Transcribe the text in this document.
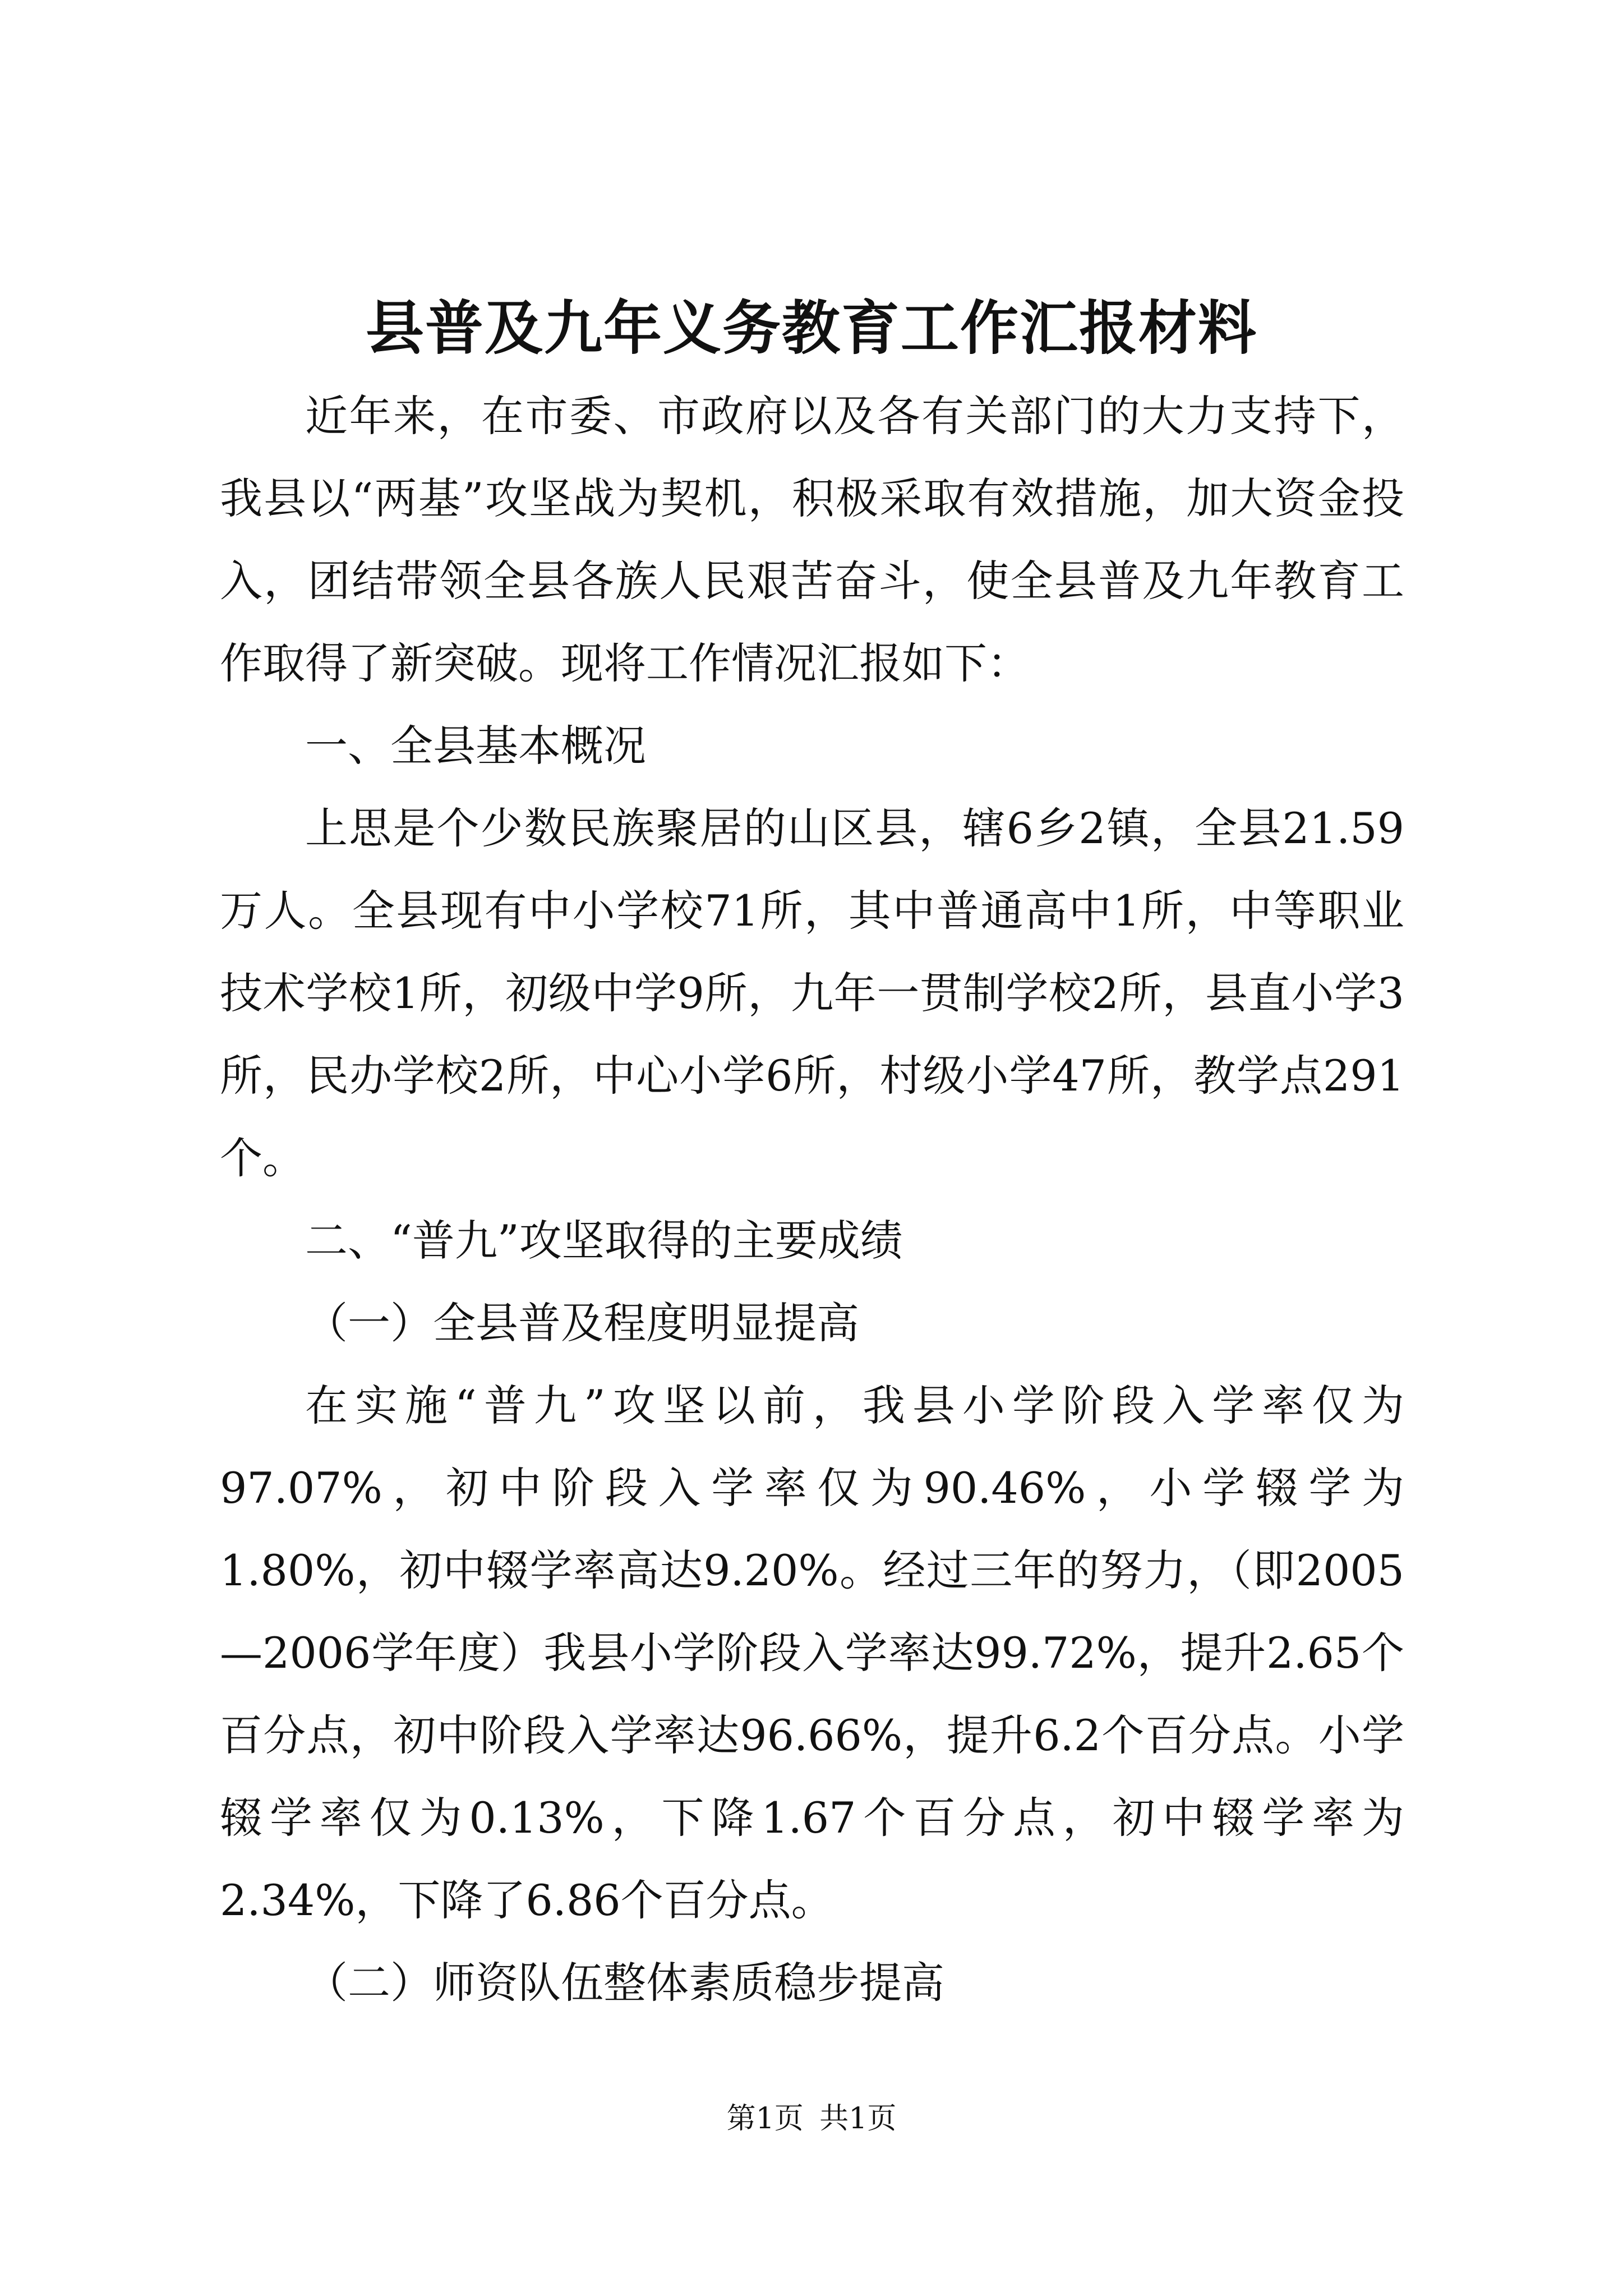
县普及九年义务教育工作汇报材料

近年来，在市委、市政府以及各有关部门的大力支持下，我县以“两基”攻坚战为契机，积极采取有效措施，加大资金投入，团结带领全县各族人民艰苦奋斗，使全县普及九年教育工作取得了新突破。现将工作情况汇报如下：

一、全县基本概况

上思是个少数民族聚居的山区县，辖6乡2镇，全县21.59万人。全县现有中小学校71所，其中普通高中1所，中等职业技术学校1所，初级中学9所，九年一贯制学校2所，县直小学3所，民办学校2所，中心小学6所，村级小学47所，教学点291个。

二、“普九”攻坚取得的主要成绩

（一）全县普及程度明显提高

在实施“普九”攻坚以前，我县小学阶段入学率仅为97.07%，初中阶段入学率仅为90.46%，小学辍学为1.80%，初中辍学率高达9.20%。经过三年的努力，（即2005—2006学年度）我县小学阶段入学率达99.72%，提升2.65个百分点，初中阶段入学率达96.66%，提升6.2个百分点。小学辍学率仅为0.13%，下降1.67个百分点，初中辍学率为2.34%，下降了6.86个百分点。

（二）师资队伍整体素质稳步提高

第1页 共1页
